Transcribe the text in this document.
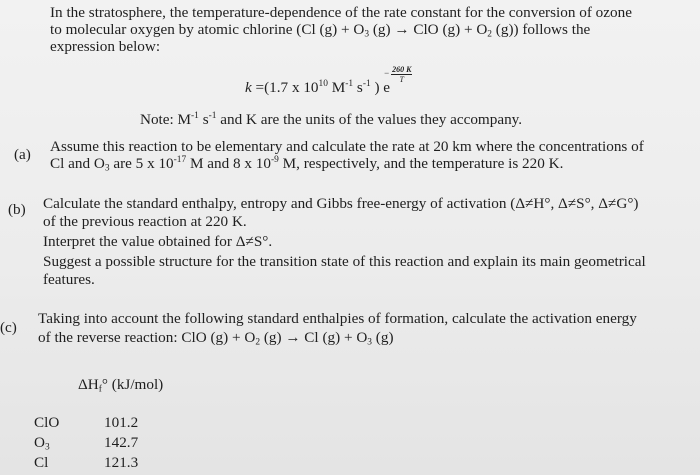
In the stratosphere, the temperature-dependence of the rate constant for the conversion of ozone
to molecular oxygen by atomic chlorine (Cl $(g) + O_3$ (g) → ClO $(g) + O_2$ (g)) follows the
expression below:
k =(1.7 x $10^{10}$ $M^{-1}$ $s^{-1}$ ) e
260 K
T
−
Note: $M^{-1}$ $s^{-1}$ and K are the units of the values they accompany.
(a) Assume this reaction to be elementary and calculate the rate at 20 km where the concentrations of
Cl and $O_3$ are 5 x $10^{-17}$ M and 8 x $10^{-9}$ M, respectively, and the temperature is 220 K.
(b) Calculate the standard enthalpy, entropy and Gibbs free-energy of activation (Δ≠H°, Δ≠S°, Δ≠G°)
of the previous reaction at 220 K.
Interpret the value obtained for Δ≠S°.
Suggest a possible structure for the transition state of this reaction and explain its main geometrical
features.
(c)
Taking into account the following standard enthalpies of formation, calculate the activation energy
of the reverse reaction: ClO $(g) + O_2$ (g) → Cl $(g) + O_3$ (g)
$\Delta H_f^\circ$ (kJ/mol)
ClO	101.2
$O_3$	142.7
Cl	121.3
